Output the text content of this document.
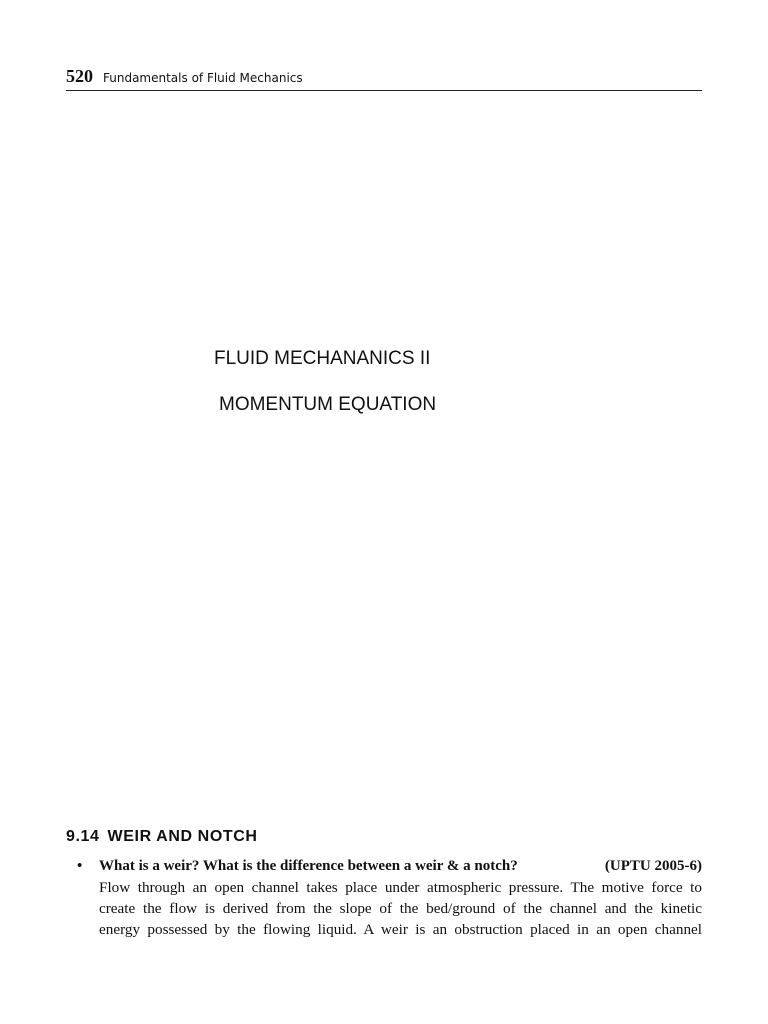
520 Fundamentals of Fluid Mechanics
FLUID MECHANANICS II
MOMENTUM EQUATION
9.14 WEIR AND NOTCH
•	What is a weir? What is the difference between a weir & a notch?	(UPTU 2005-6)
Flow through an open channel takes place under atmospheric pressure. The motive force to
create the flow is derived from the slope of the bed/ground of the channel and the kinetic
energy possessed by the flowing liquid. A weir is an obstruction placed in an open channel
